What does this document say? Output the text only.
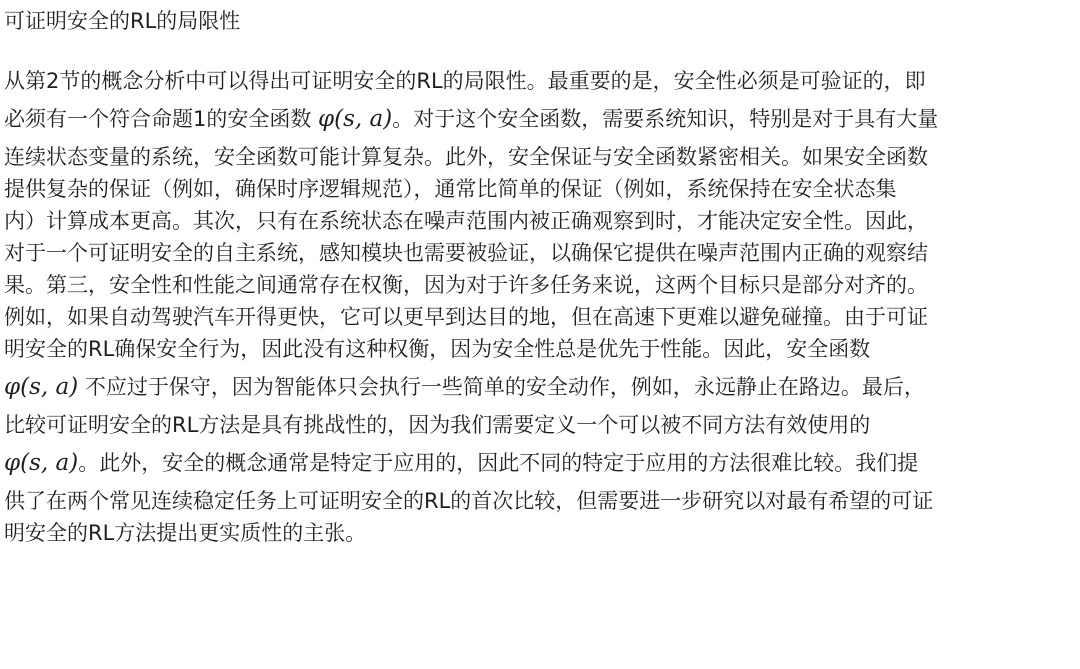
可证明安全的RL的局限性
从第2节的概念分析中可以得出可证明安全的RL的局限性。最重要的是，安全性必须是可验证的，即
必须有一个符合命题1的安全函数 φ(s, a)。对于这个安全函数，需要系统知识，特别是对于具有大量
连续状态变量的系统，安全函数可能计算复杂。此外，安全保证与安全函数紧密相关。如果安全函数
提供复杂的保证（例如，确保时序逻辑规范），通常比简单的保证（例如，系统保持在安全状态集
内）计算成本更高。其次，只有在系统状态在噪声范围内被正确观察到时，才能决定安全性。因此，
对于一个可证明安全的自主系统，感知模块也需要被验证，以确保它提供在噪声范围内正确的观察结
果。第三，安全性和性能之间通常存在权衡，因为对于许多任务来说，这两个目标只是部分对齐的。
例如，如果自动驾驶汽车开得更快，它可以更早到达目的地，但在高速下更难以避免碰撞。由于可证
明安全的RL确保安全行为，因此没有这种权衡，因为安全性总是优先于性能。因此，安全函数
φ(s, a) 不应过于保守，因为智能体只会执行一些简单的安全动作，例如，永远静止在路边。最后，
比较可证明安全的RL方法是具有挑战性的，因为我们需要定义一个可以被不同方法有效使用的
φ(s, a)。此外，安全的概念通常是特定于应用的，因此不同的特定于应用的方法很难比较。我们提
供了在两个常见连续稳定任务上可证明安全的RL的首次比较，但需要进一步研究以对最有希望的可证
明安全的RL方法提出更实质性的主张。
